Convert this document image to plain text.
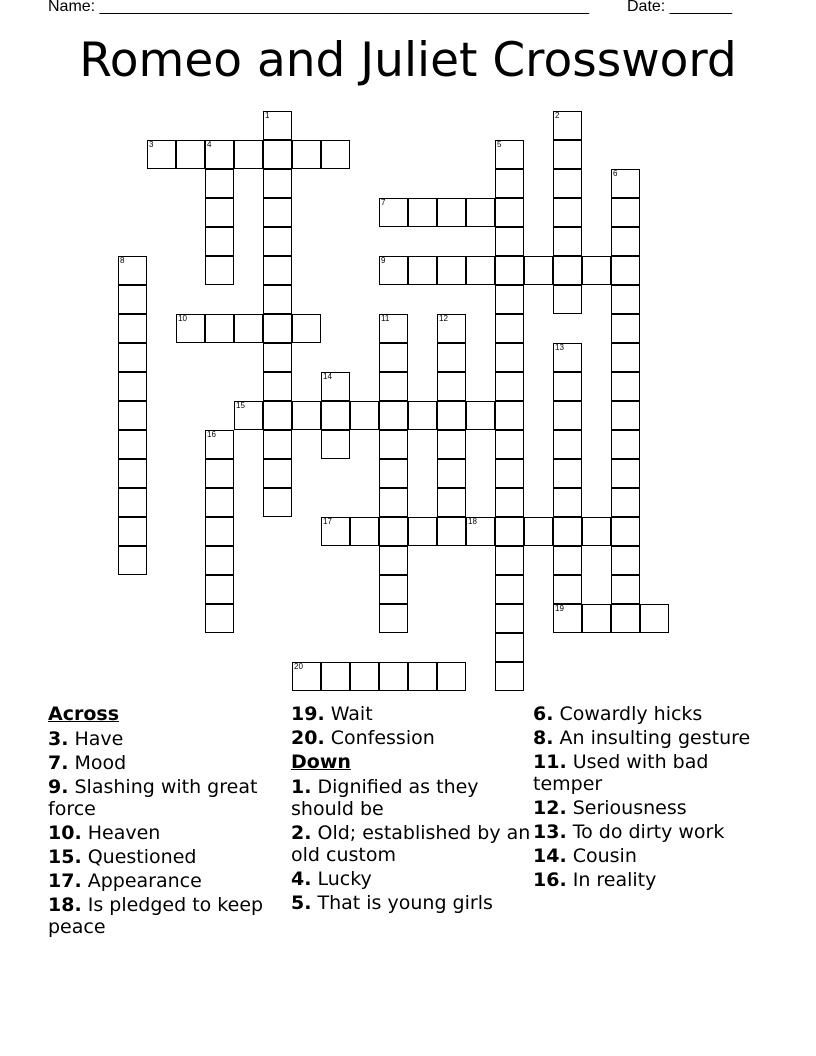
Name: _______________________________________________________ Date: _______
Romeo and Juliet Crossword
1	2
3	4	5
6
7
8	9
10	11	12
13
14
15
16
17	18
19
20
Across
3. Have
7. Mood
9. Slashing with great force
10. Heaven
15. Questioned
17. Appearance
18. Is pledged to keep peace
19. Wait
20. Confession
Down
1. Dignified as they should be
2. Old; established by an old custom
4. Lucky
5. That is young girls
6. Cowardly hicks
8. An insulting gesture
11. Used with bad temper
12. Seriousness
13. To do dirty work
14. Cousin
16. In reality
